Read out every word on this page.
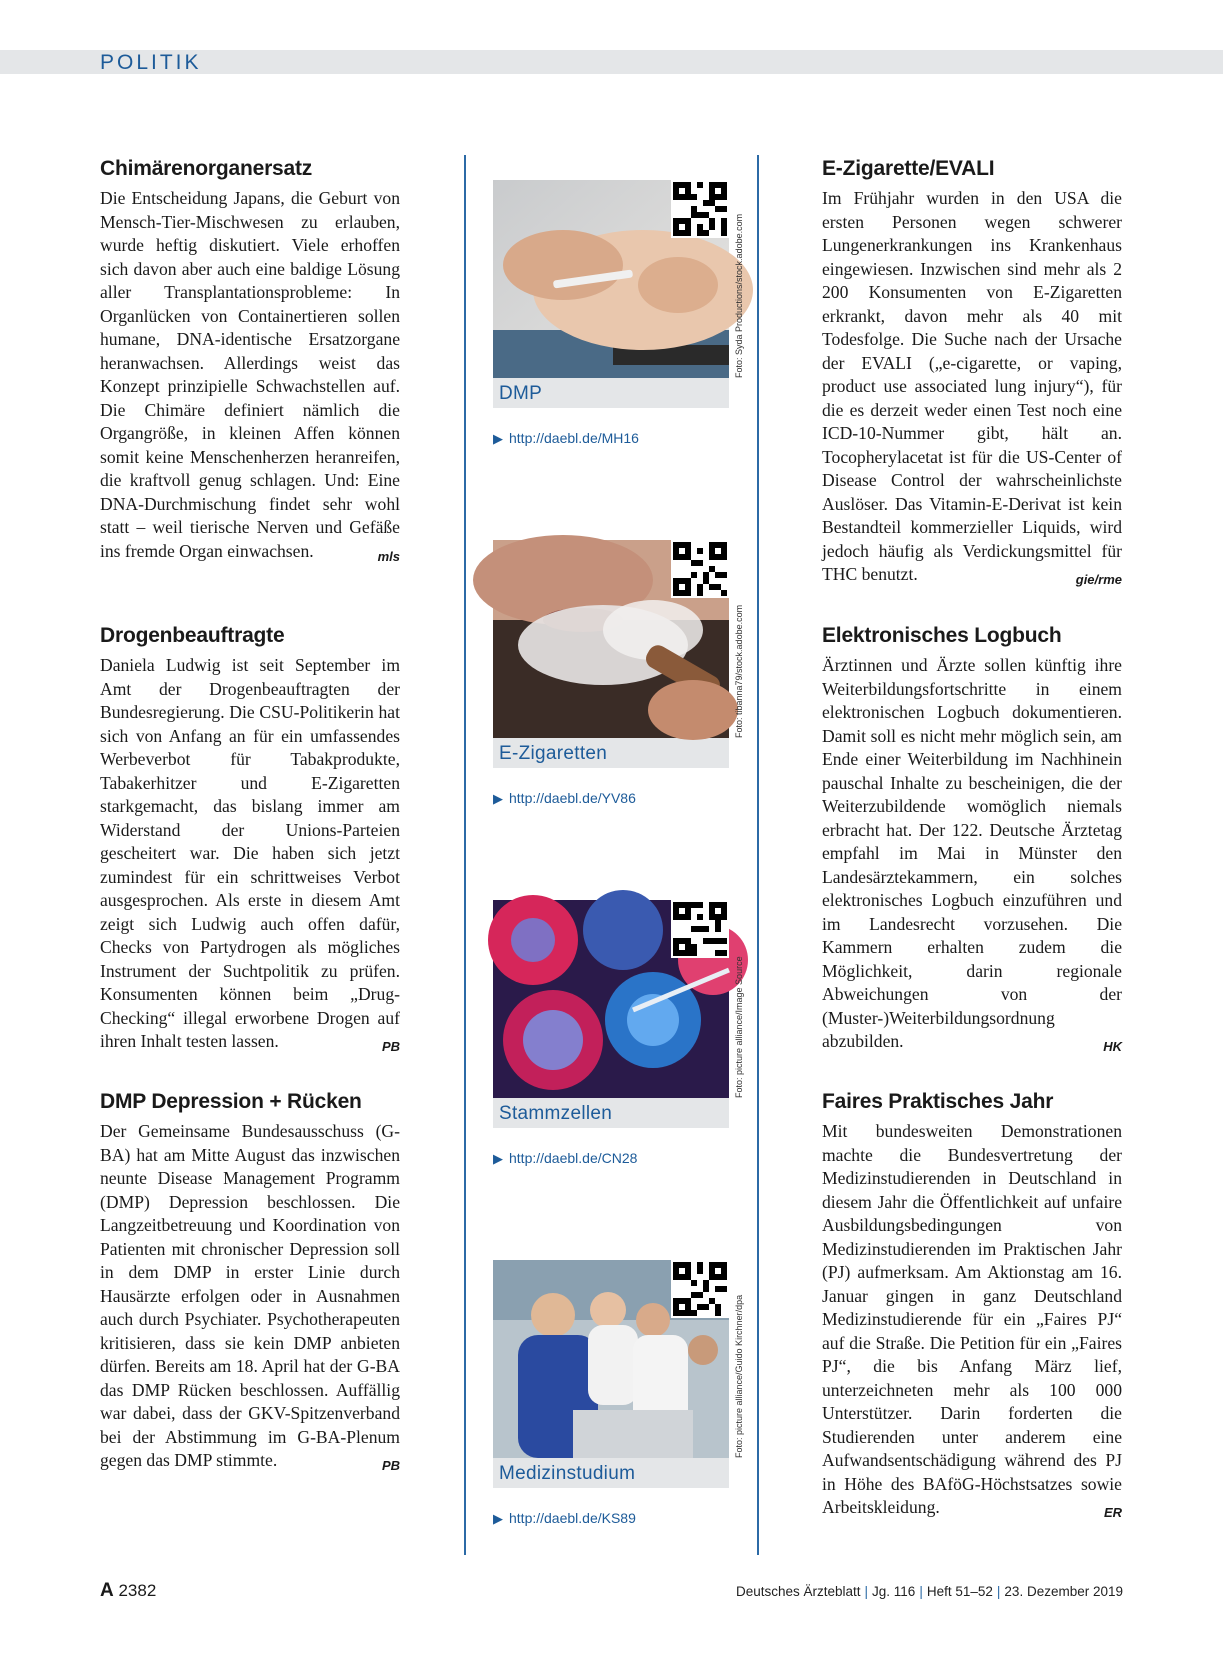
POLITIK
Chimärenorganersatz

Die Entscheidung Japans, die Geburt von Mensch-Tier-Mischwesen zu erlauben, wurde heftig diskutiert. Viele erhoffen sich davon aber auch eine baldige Lösung aller Transplantationsprobleme: In Organlücken von Containertieren sollen humane, DNA-identische Ersatzorgane heranwachsen. Allerdings weist das Konzept prinzipielle Schwachstellen auf. Die Chimäre definiert nämlich die Organgröße, in kleinen Affen können somit keine Menschenherzen heranreifen, die kraftvoll genug schlagen. Und: Eine DNA-Durchmischung findet sehr wohl statt – weil tierische Nerven und Gefäße ins fremde Organ einwachsen.	mls

Drogenbeauftragte

Daniela Ludwig ist seit September im Amt der Drogenbeauftragten der Bundesregierung. Die CSU-Politikerin hat sich von Anfang an für ein umfassendes Werbeverbot für Tabakprodukte, Tabakerhitzer und E-Zigaretten starkgemacht, das bislang immer am Widerstand der Unions-Parteien gescheitert war. Die haben sich jetzt zumindest für ein schrittweises Verbot ausgesprochen. Als erste in diesem Amt zeigt sich Ludwig auch offen dafür, Checks von Partydrogen als mögliches Instrument der Suchtpolitik zu prüfen. Konsumenten können beim „Drug-Checking“ illegal erworbene Drogen auf ihren Inhalt testen lassen.	PB

DMP Depression + Rücken

Der Gemeinsame Bundesausschuss (G-BA) hat am Mitte August das inzwischen neunte Disease Management Programm (DMP) Depression beschlossen. Die Langzeitbetreuung und Koordination von Patienten mit chronischer Depression soll in dem DMP in erster Linie durch Hausärzte erfolgen oder in Ausnahmen auch durch Psychiater. Psychotherapeuten kritisieren, dass sie kein DMP anbieten dürfen. Bereits am 18. April hat der G-BA das DMP Rücken beschlossen. Auffällig war dabei, dass der GKV-Spitzenverband bei der Abstimmung im G-BA-Plenum gegen das DMP stimmte.	PB

Foto: Syda Productions/stock.adobe.com
DMP
▶ http://daebl.de/MH16
Foto: tibanna79/stock.adobe.com
E-Zigaretten
▶ http://daebl.de/YV86
Foto: picture alliance/Image Source
Stammzellen
▶ http://daebl.de/CN28
Foto: picture alliance/Guido Kirchner/dpa
Medizinstudium
▶ http://daebl.de/KS89
E-Zigarette/EVALI

Im Frühjahr wurden in den USA die ersten Personen wegen schwerer Lungenerkrankungen ins Krankenhaus eingewiesen. Inzwischen sind mehr als 2 200 Konsumenten von E-Zigaretten erkrankt, davon mehr als 40 mit Todesfolge. Die Suche nach der Ursache der EVALI („e-cigarette, or vaping, product use associated lung injury“), für die es derzeit weder einen Test noch eine ICD-10-Nummer gibt, hält an. Tocopherylacetat ist für die US-Center of Disease Control der wahrscheinlichste Auslöser. Das Vitamin-E-Derivat ist kein Bestandteil kommerzieller Liquids, wird jedoch häufig als Verdickungsmittel für THC benutzt.	gie/rme

Elektronisches Logbuch

Ärztinnen und Ärzte sollen künftig ihre Weiterbildungsfortschritte in einem elektronischen Logbuch dokumentieren. Damit soll es nicht mehr möglich sein, am Ende einer Weiterbildung im Nachhinein pauschal Inhalte zu bescheinigen, die der Weiterzubildende womöglich niemals erbracht hat. Der 122. Deutsche Ärztetag empfahl im Mai in Münster den Landesärztekammern, ein solches elektronisches Logbuch einzuführen und im Landesrecht vorzusehen. Die Kammern erhalten zudem die Möglichkeit, darin regionale Abweichungen von der (Muster-)Weiterbildungsordnung abzubilden.	HK

Faires Praktisches Jahr

Mit bundesweiten Demonstrationen machte die Bundesvertretung der Medizinstudierenden in Deutschland in diesem Jahr die Öffentlichkeit auf unfaire Ausbildungsbedingungen von Medizinstudierenden im Praktischen Jahr (PJ) aufmerksam. Am Aktionstag am 16. Januar gingen in ganz Deutschland Medizinstudierende für ein „Faires PJ“ auf die Straße. Die Petition für ein „Faires PJ“, die bis Anfang März lief, unterzeichneten mehr als 100 000 Unterstützer. Darin forderten die Studierenden unter anderem eine Aufwandsentschädigung während des PJ in Höhe des BAföG-Höchstsatzes sowie Arbeitskleidung.	ER

A 2382	Deutsches Ärzteblatt | Jg. 116 | Heft 51–52 | 23. Dezember 2019
